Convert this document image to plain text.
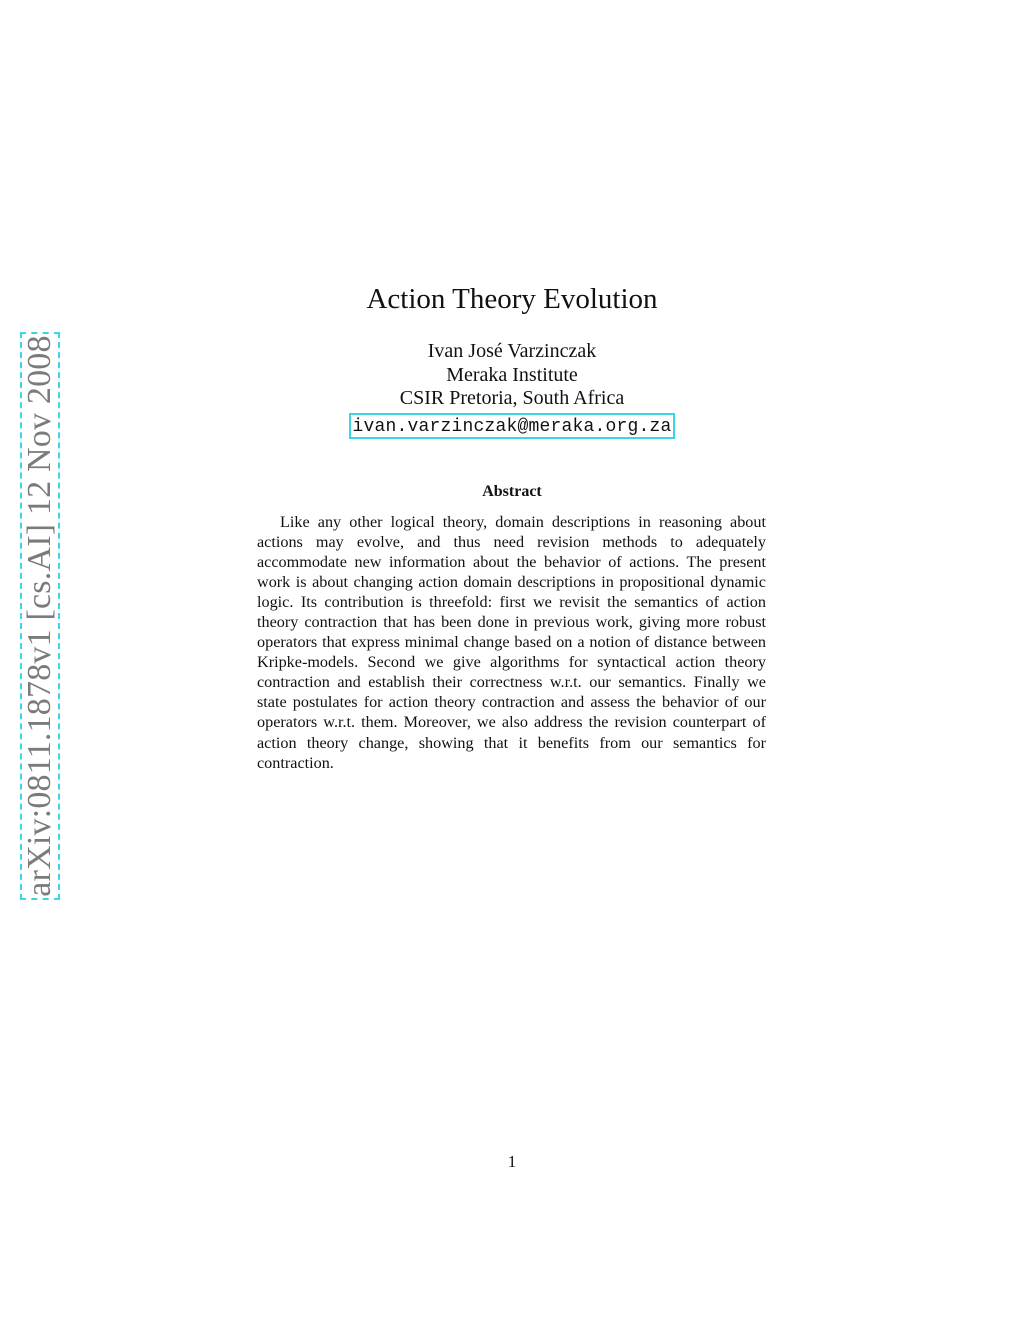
arXiv:0811.1878v1 [cs.AI] 12 Nov 2008
Action Theory Evolution
Ivan José Varzinczak
Meraka Institute
CSIR Pretoria, South Africa
ivan.varzinczak@meraka.org.za
Abstract
Like any other logical theory, domain descriptions in reasoning about actions may evolve, and thus need revision methods to adequately accommodate new information about the behavior of actions. The present work is about changing action domain descriptions in propositional dynamic logic. Its contribution is threefold: first we revisit the semantics of action theory contraction that has been done in previous work, giving more robust operators that express minimal change based on a notion of distance between Kripke-models. Second we give algorithms for syntactical action theory contraction and establish their correctness w.r.t. our semantics. Finally we state postulates for action theory contraction and assess the behavior of our operators w.r.t. them. Moreover, we also address the revision counterpart of action theory change, showing that it benefits from our semantics for contraction.
1
